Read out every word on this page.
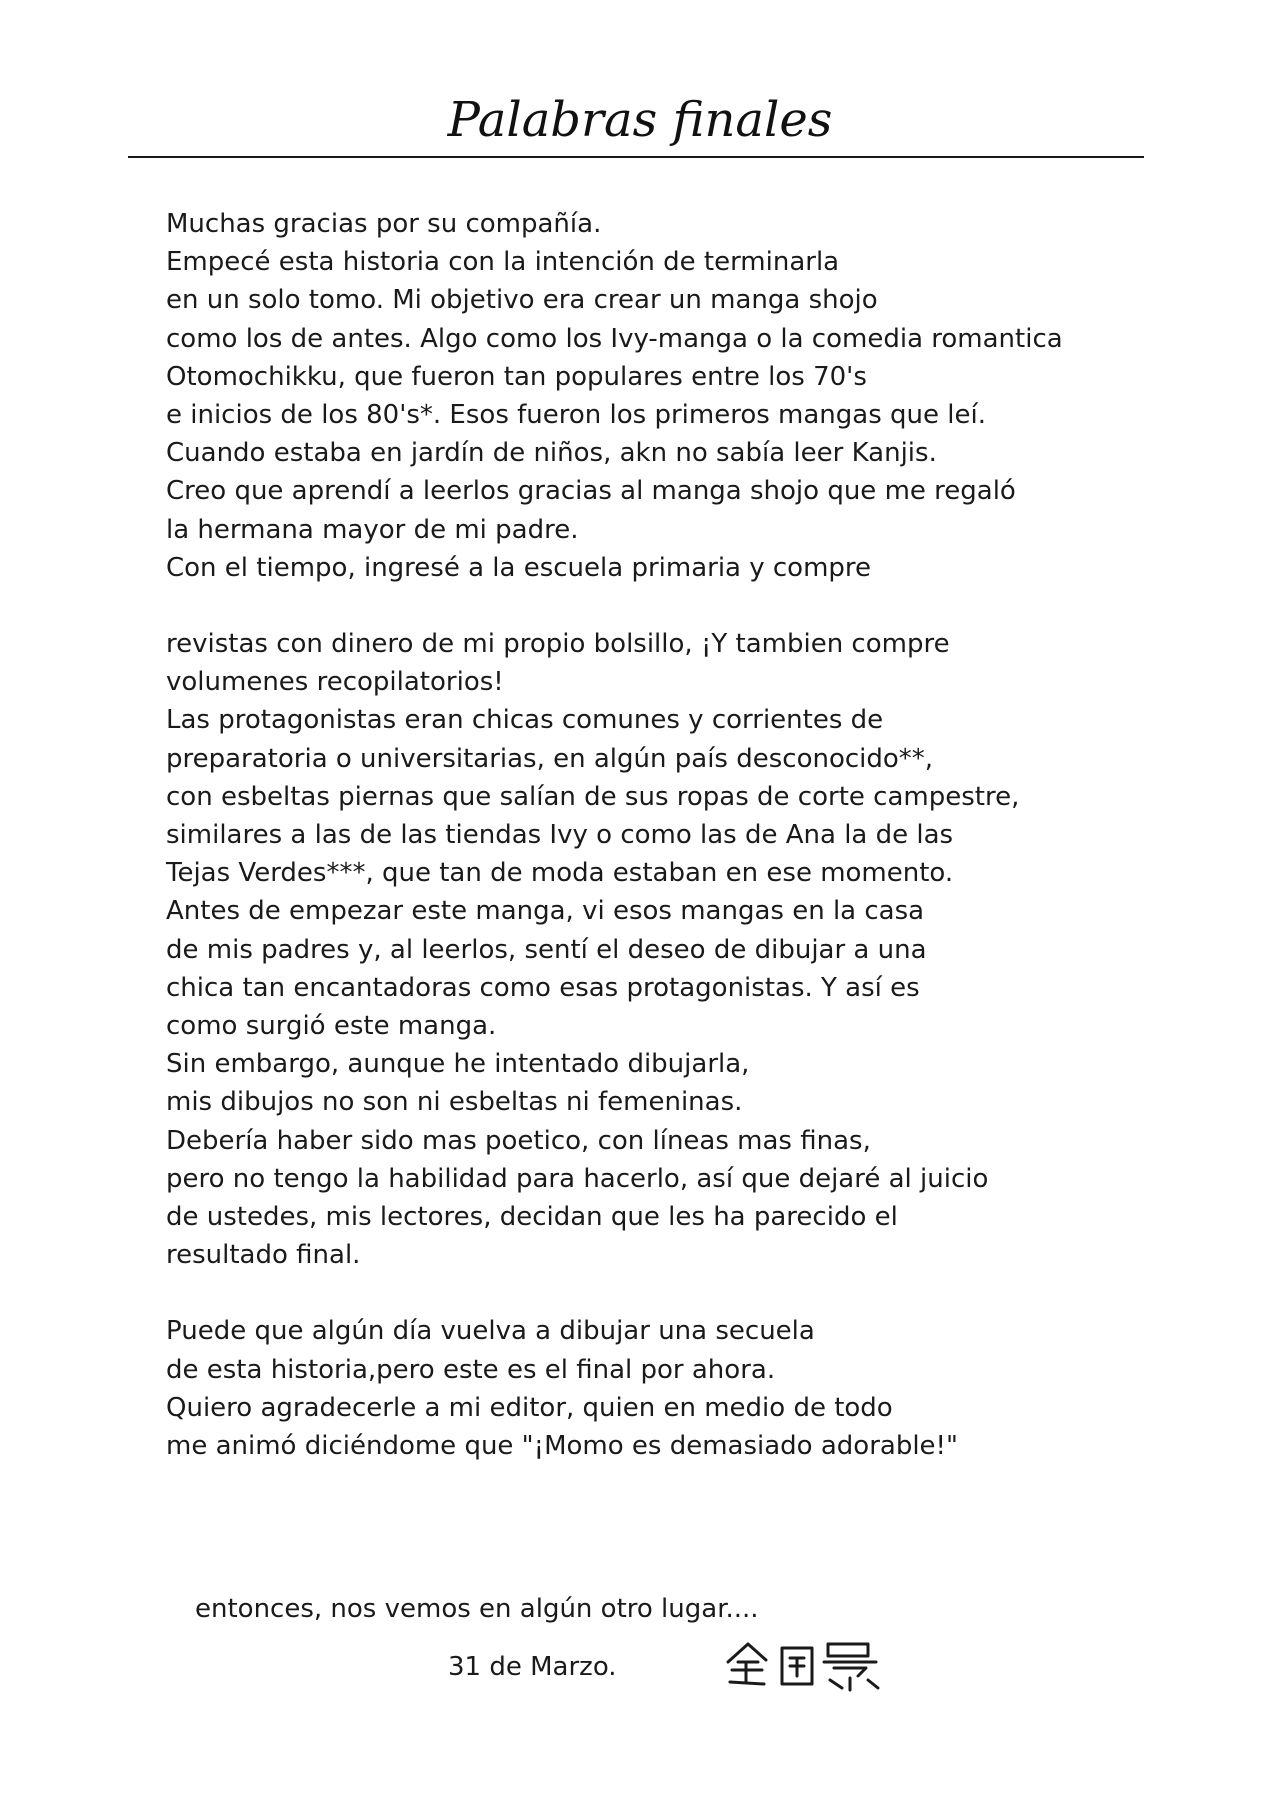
Palabras finales
Muchas gracias por su compañía.
Empecé esta historia con la intención de terminarla
en un solo tomo. Mi objetivo era crear un manga shojo
como los de antes. Algo como los Ivy-manga o la comedia romantica
Otomochikku, que fueron tan populares entre los 70's
e inicios de los 80's*. Esos fueron los primeros mangas que leí.
Cuando estaba en jardín de niños, akn no sabía leer Kanjis.
Creo que aprendí a leerlos gracias al manga shojo que me regaló
la hermana mayor de mi padre.
Con el tiempo, ingresé a la escuela primaria y compre
revistas con dinero de mi propio bolsillo, ¡Y tambien compre
volumenes recopilatorios!
Las protagonistas eran chicas comunes y corrientes de
preparatoria o universitarias, en algún país desconocido**,
con esbeltas piernas que salían de sus ropas de corte campestre,
similares a las de las tiendas Ivy o como las de Ana la de las
Tejas Verdes***, que tan de moda estaban en ese momento.
Antes de empezar este manga, vi esos mangas en la casa
de mis padres y, al leerlos, sentí el deseo de dibujar a una
chica tan encantadoras como esas protagonistas. Y así es
como surgió este manga.
Sin embargo, aunque he intentado dibujarla,
mis dibujos no son ni esbeltas ni femeninas.
Debería haber sido mas poetico, con líneas mas finas,
pero no tengo la habilidad para hacerlo, así que dejaré al juicio
de ustedes, mis lectores, decidan que les ha parecido el
resultado final.
Puede que algún día vuelva a dibujar una secuela
de esta historia,pero este es el final por ahora.
Quiero agradecerle a mi editor, quien en medio de todo
me animó diciéndome que "¡Momo es demasiado adorable!"
entonces, nos vemos en algún otro lugar....
31 de Marzo.
